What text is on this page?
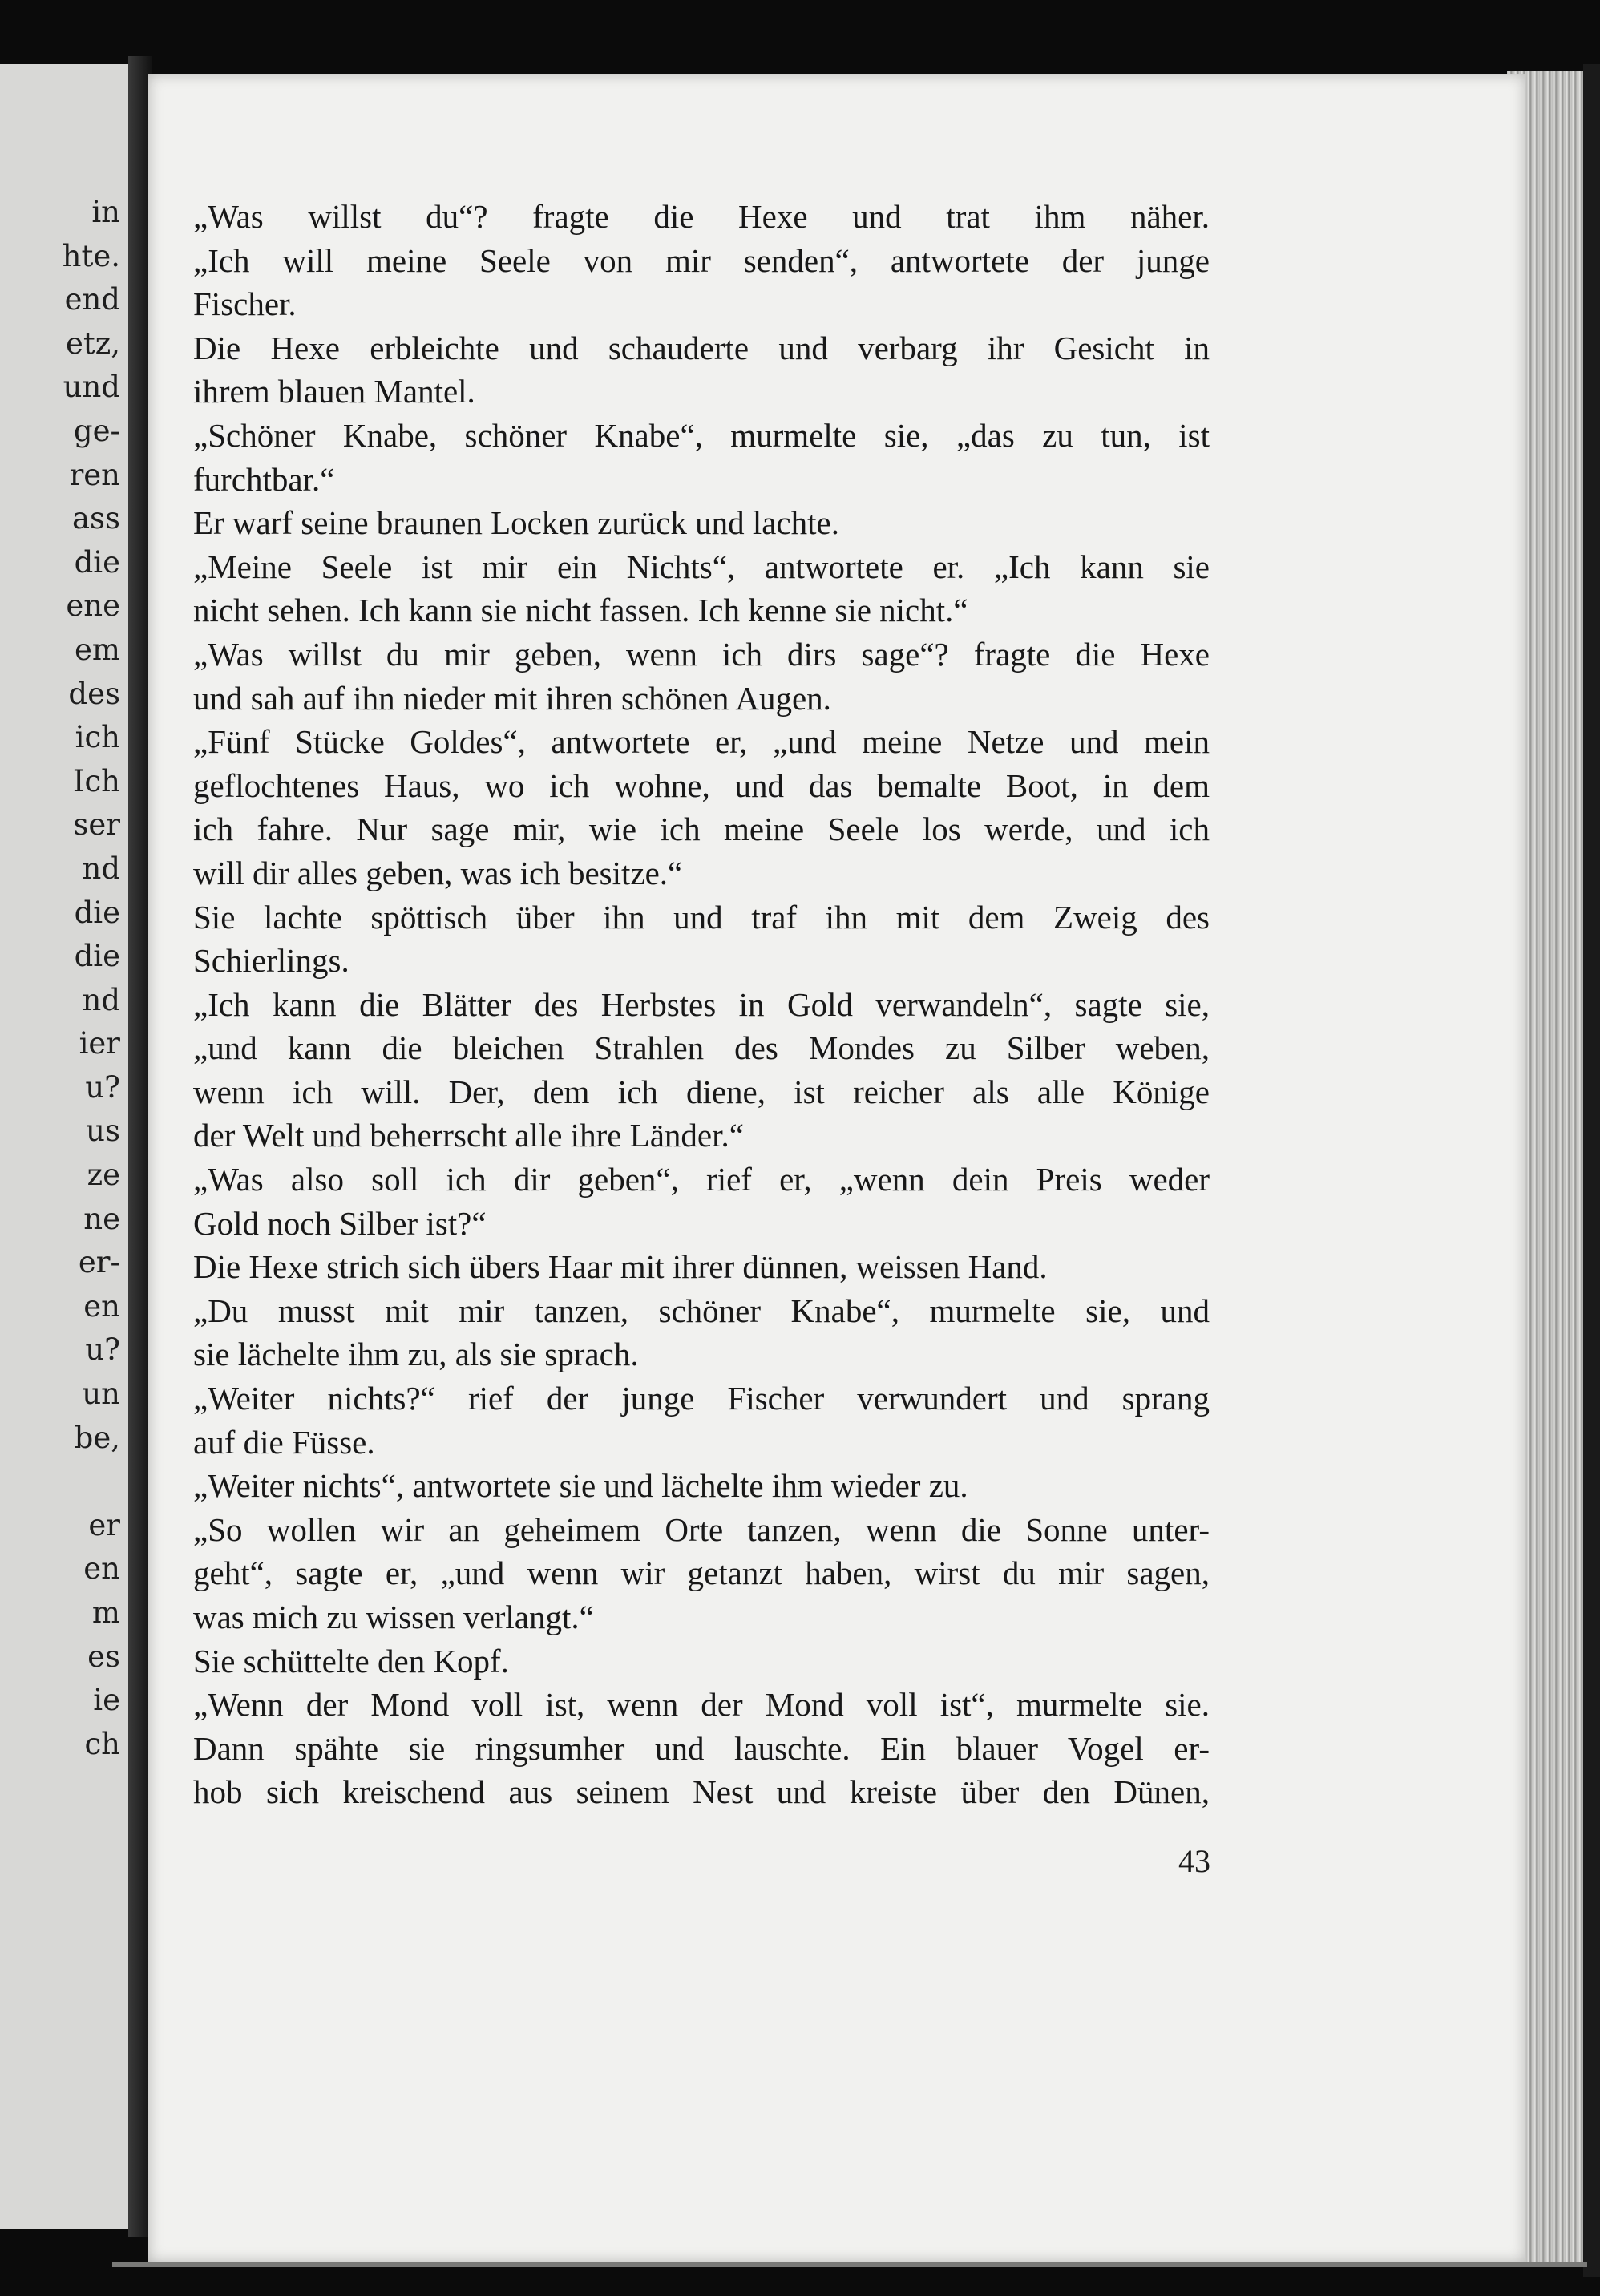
in
hte.
end
etz,
und
ge-
ren
ass
die
ene
em
des
ich
Ich
ser
nd
die
die
nd
ier
u?
us
ze
ne
er-
en
u?
un
be,
er
en
m
es
ie
ch
„Was willst du“? fragte die Hexe und trat ihm näher.
„Ich will meine Seele von mir senden“, antwortete der junge
Fischer.
Die Hexe erbleichte und schauderte und verbarg ihr Gesicht in
ihrem blauen Mantel.
„Schöner Knabe, schöner Knabe“, murmelte sie, „das zu tun, ist
furchtbar.“
Er warf seine braunen Locken zurück und lachte.
„Meine Seele ist mir ein Nichts“, antwortete er. „Ich kann sie
nicht sehen. Ich kann sie nicht fassen. Ich kenne sie nicht.“
„Was willst du mir geben, wenn ich dirs sage“? fragte die Hexe
und sah auf ihn nieder mit ihren schönen Augen.
„Fünf Stücke Goldes“, antwortete er, „und meine Netze und mein
geflochtenes Haus, wo ich wohne, und das bemalte Boot, in dem
ich fahre. Nur sage mir, wie ich meine Seele los werde, und ich
will dir alles geben, was ich besitze.“
Sie lachte spöttisch über ihn und traf ihn mit dem Zweig des
Schierlings.
„Ich kann die Blätter des Herbstes in Gold verwandeln“, sagte sie,
„und kann die bleichen Strahlen des Mondes zu Silber weben,
wenn ich will. Der, dem ich diene, ist reicher als alle Könige
der Welt und beherrscht alle ihre Länder.“
„Was also soll ich dir geben“, rief er, „wenn dein Preis weder
Gold noch Silber ist?“
Die Hexe strich sich übers Haar mit ihrer dünnen, weissen Hand.
„Du musst mit mir tanzen, schöner Knabe“, murmelte sie, und
sie lächelte ihm zu, als sie sprach.
„Weiter nichts?“ rief der junge Fischer verwundert und sprang
auf die Füsse.
„Weiter nichts“, antwortete sie und lächelte ihm wieder zu.
„So wollen wir an geheimem Orte tanzen, wenn die Sonne unter-
geht“, sagte er, „und wenn wir getanzt haben, wirst du mir sagen,
was mich zu wissen verlangt.“
Sie schüttelte den Kopf.
„Wenn der Mond voll ist, wenn der Mond voll ist“, murmelte sie.
Dann spähte sie ringsumher und lauschte. Ein blauer Vogel er-
hob sich kreischend aus seinem Nest und kreiste über den Dünen,
43
